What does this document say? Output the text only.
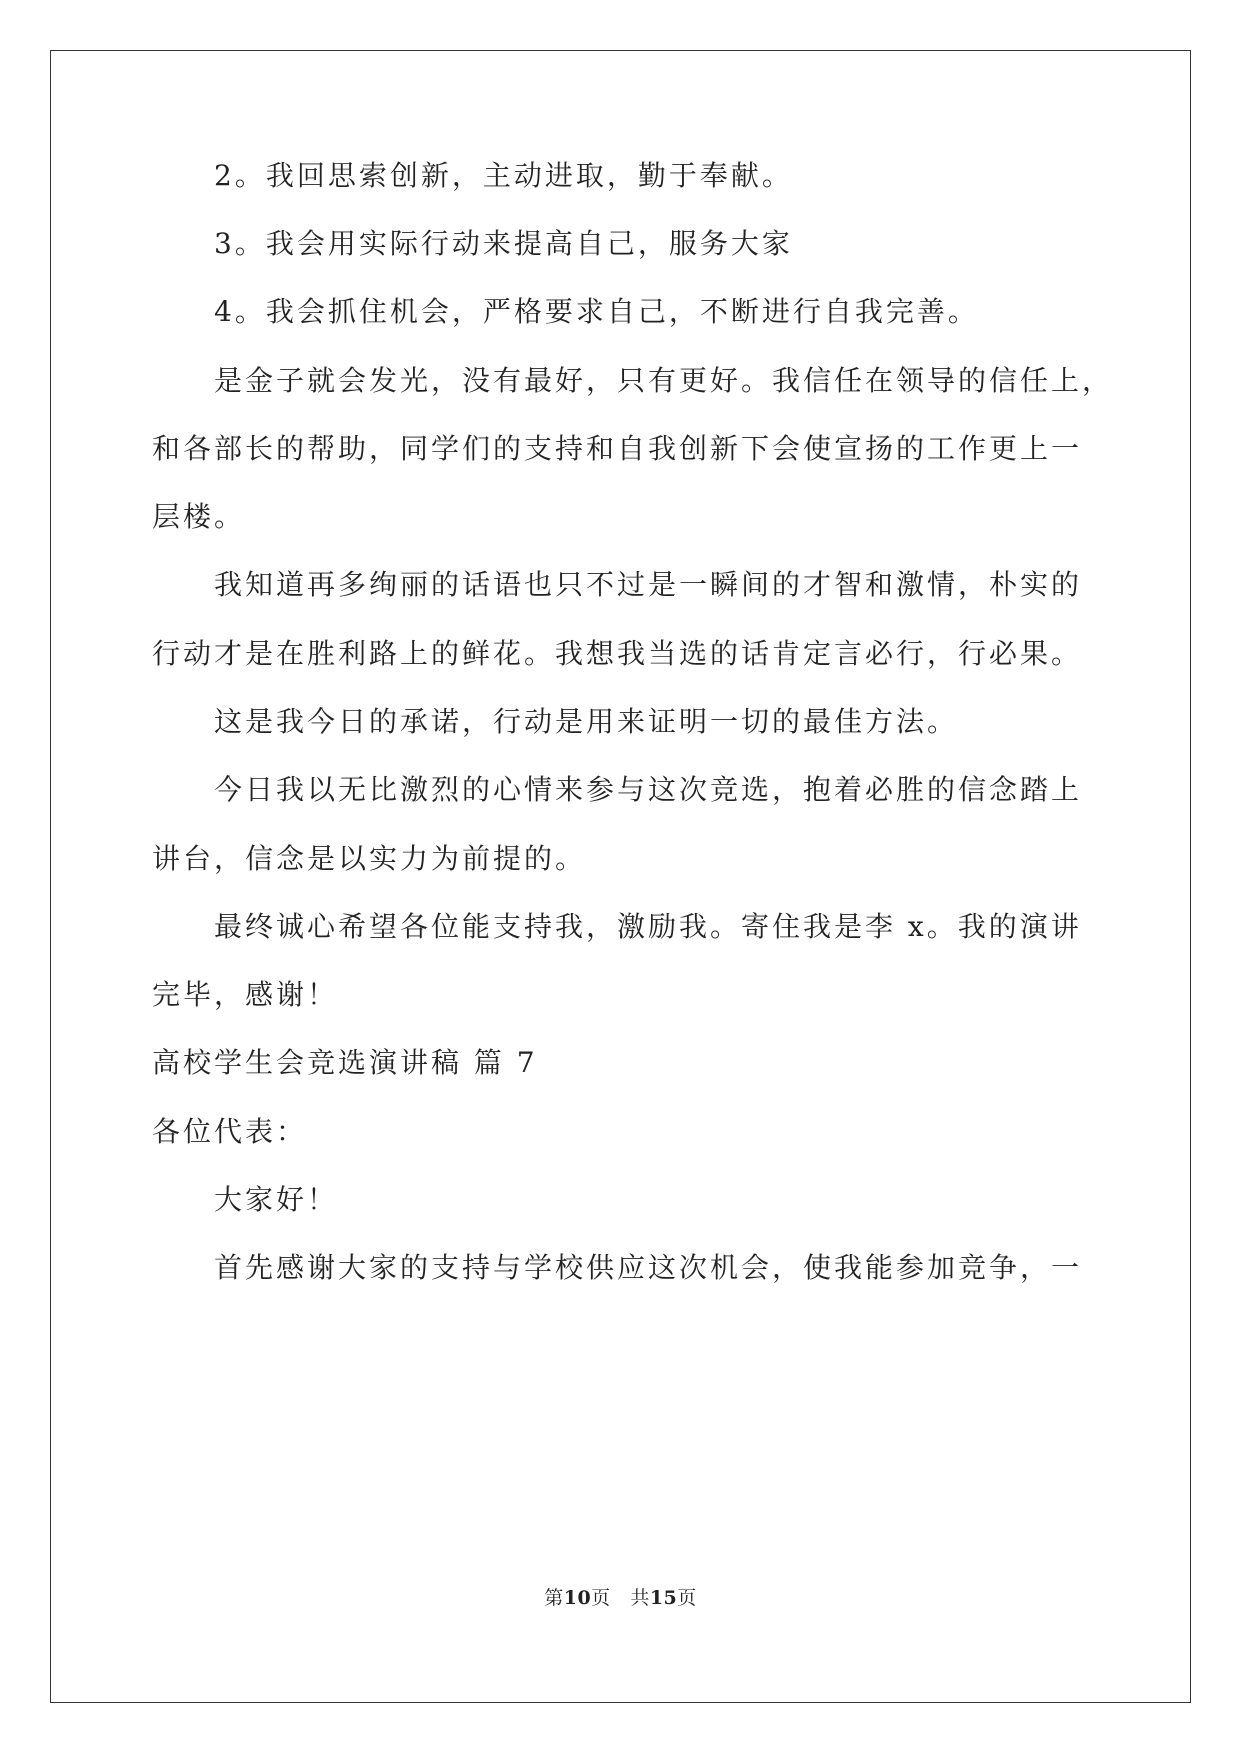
2。我回思索创新，主动进取，勤于奉献。
3。我会用实际行动来提高自己，服务大家
4。我会抓住机会，严格要求自己，不断进行自我完善。
是金子就会发光，没有最好，只有更好。我信任在领导的信任上，
和各部长的帮助，同学们的支持和自我创新下会使宣扬的工作更上一
层楼。
我知道再多绚丽的话语也只不过是一瞬间的才智和激情，朴实的
行动才是在胜利路上的鲜花。我想我当选的话肯定言必行，行必果。
这是我今日的承诺，行动是用来证明一切的最佳方法。
今日我以无比激烈的心情来参与这次竞选，抱着必胜的信念踏上
讲台，信念是以实力为前提的。
最终诚心希望各位能支持我，激励我。寄住我是李 x。我的演讲
完毕，感谢！
高校学生会竞选演讲稿 篇 7
各位代表：
大家好！
首先感谢大家的支持与学校供应这次机会，使我能参加竞争，一
第10页 共15页
